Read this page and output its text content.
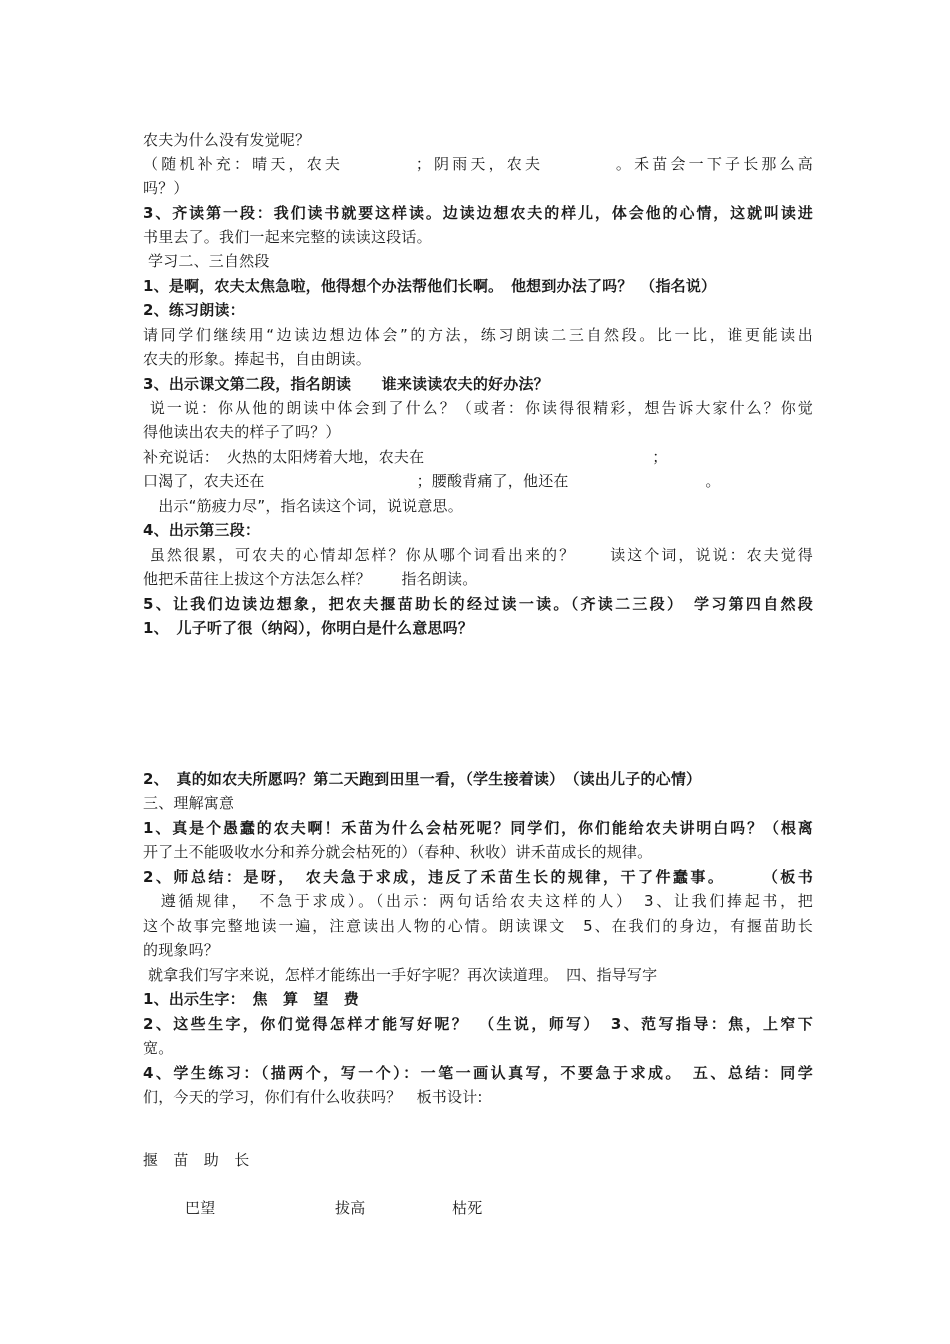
农夫为什么没有发觉呢？
（随机补充：晴天，农夫　　　　；阴雨天，农夫　　　　。禾苗会一下子长那么高
吗？）
3、齐读第一段：我们读书就要这样读。边读边想农夫的样儿，体会他的心情，这就叫读进
书里去了。我们一起来完整的读读这段话。
学习二、三自然段
1、是啊，农夫太焦急啦，他得想个办法帮他们长啊。　他想到办法了吗？　（指名说）
2、练习朗读：
请同学们继续用“边读边想边体会”的方法，练习朗读二三自然段。比一比，谁更能读出
农夫的形象。捧起书，自由朗读。
3、出示课文第二段，指名朗读　　谁来读读农夫的好办法？
说一说：你从他的朗读中体会到了什么？（或者：你读得很精彩，想告诉大家什么？你觉
得他读出农夫的样子了吗？）
补充说话：　火热的太阳烤着大地，农夫在　　　　　　　　　　　　　　　；
口渴了，农夫还在　　　　　　　　　　；腰酸背痛了，他还在　　　　　　　　　。
　出示“筋疲力尽”，指名读这个词，说说意思。
4、出示第三段：
虽然很累，可农夫的心情却怎样？你从哪个词看出来的？　　读这个词，说说：农夫觉得
他把禾苗往上拔这个方法怎么样？　　指名朗读。
5、让我们边读边想象，把农夫揠苗助长的经过读一读。（齐读二三段）　学习第四自然段
1、　儿子听了很（纳闷），你明白是什么意思吗？
2、　真的如农夫所愿吗？第二天跑到田里一看，（学生接着读）　（读出儿子的心情）
三、理解寓意
1、真是个愚蠢的农夫啊！禾苗为什么会枯死呢？同学们，你们能给农夫讲明白吗？（根离
开了土不能吸收水分和养分就会枯死的）（春种、秋收）讲禾苗成长的规律。
2、师总结：是呀，　农夫急于求成，违反了禾苗生长的规律，干了件蠢事。　　　（板书
　遵循规律，　不急于求成）。（出示：两句话给农夫这样的人）　3、让我们捧起书，把
这个故事完整地读一遍，注意读出人物的心情。朗读课文　5、在我们的身边，有揠苗助长
的现象吗？
就拿我们写字来说，怎样才能练出一手好字呢？再次读道理。　四、指导写字
1、出示生字：　焦　算　望　费
2、这些生字，你们觉得怎样才能写好呢？　（生说，师写）　3、范写指导：焦，上窄下
宽。
4、学生练习：（描两个，写一个）：一笔一画认真写，不要急于求成。　五、总结：同学
们，今天的学习，你们有什么收获吗？　板书设计:
揠　苗　助　长
巴望	拔高	枯死
